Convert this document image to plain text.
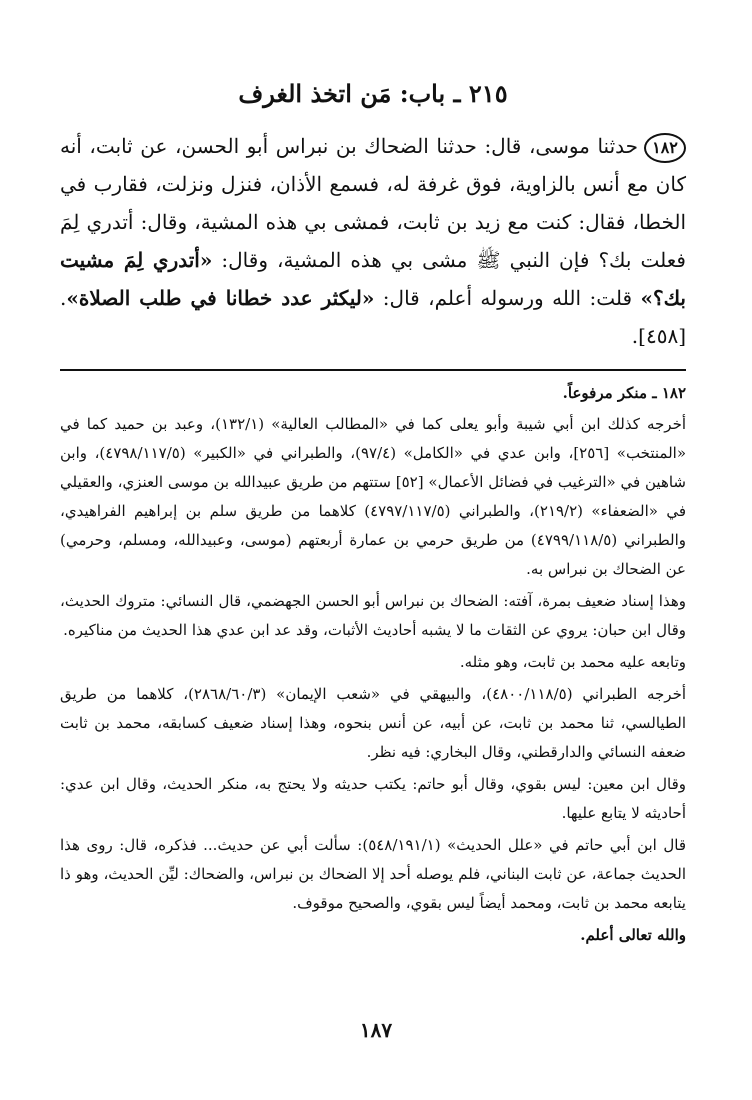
٢١٥ ـ باب: مَن اتخذ الغرف

١٨٢حدثنا موسى، قال: حدثنا الضحاك بن نبراس أبو الحسن، عن ثابت، أنه كان مع أنس بالزاوية، فوق غرفة له، فسمع الأذان، فنزل ونزلت، فقارب في الخطا، فقال: كنت مع زيد بن ثابت، فمشى بي هذه المشية، وقال: أتدري لِمَ فعلت بك؟ فإن النبي ﷺ مشى بي هذه المشية، وقال: «أتدري لِمَ مشيت بك؟» قلت: الله ورسوله أعلم، قال: «ليكثر عدد خطانا في طلب الصلاة». [٤٥٨].

١٨٢ ـ منكر مرفوعاً.

أخرجه كذلك ابن أبي شيبة وأبو يعلى كما في «المطالب العالية» (١٣٢/١)، وعبد بن حميد كما في «المنتخب» [٢٥٦]، وابن عدي في «الكامل» (٩٧/٤)، والطبراني في «الكبير» (٤٧٩٨/١١٧/٥)، وابن شاهين في «الترغيب في فضائل الأعمال» [٥٢] ستتهم من طريق عبيدالله بن موسى العنزي، والعقيلي في «الضعفاء» (٢١٩/٢)، والطبراني (٤٧٩٧/١١٧/٥) كلاهما من طريق سلم بن إبراهيم الفراهيدي، والطبراني (٤٧٩٩/١١٨/٥) من طريق حرمي بن عمارة أربعتهم (موسى، وعبيدالله، ومسلم، وحرمي) عن الضحاك بن نبراس به.

وهذا إسناد ضعيف بمرة، آفته: الضحاك بن نبراس أبو الحسن الجهضمي، قال النسائي: متروك الحديث، وقال ابن حبان: يروي عن الثقات ما لا يشبه أحاديث الأثبات، وقد عد ابن عدي هذا الحديث من مناكيره.

وتابعه عليه محمد بن ثابت، وهو مثله.

أخرجه الطبراني (٤٨٠٠/١١٨/٥)، والبيهقي في «شعب الإيمان» (٢٨٦٨/٦٠/٣)، كلاهما من طريق الطيالسي، ثنا محمد بن ثابت، عن أبيه، عن أنس بنحوه، وهذا إسناد ضعيف كسابقه، محمد بن ثابت ضعفه النسائي والدارقطني، وقال البخاري: فيه نظر.

وقال ابن معين: ليس بقوي، وقال أبو حاتم: يكتب حديثه ولا يحتج به، منكر الحديث، وقال ابن عدي: أحاديثه لا يتابع عليها.

قال ابن أبي حاتم في «علل الحديث» (٥٤٨/١٩١/١): سألت أبي عن حديث... فذكره، قال: روى هذا الحديث جماعة، عن ثابت البناني، فلم يوصله أحد إلا الضحاك بن نبراس، والضحاك: ليِّن الحديث، وهو ذا يتابعه محمد بن ثابت، ومحمد أيضاً ليس بقوي، والصحيح موقوف.

والله تعالى أعلم.

١٨٧
